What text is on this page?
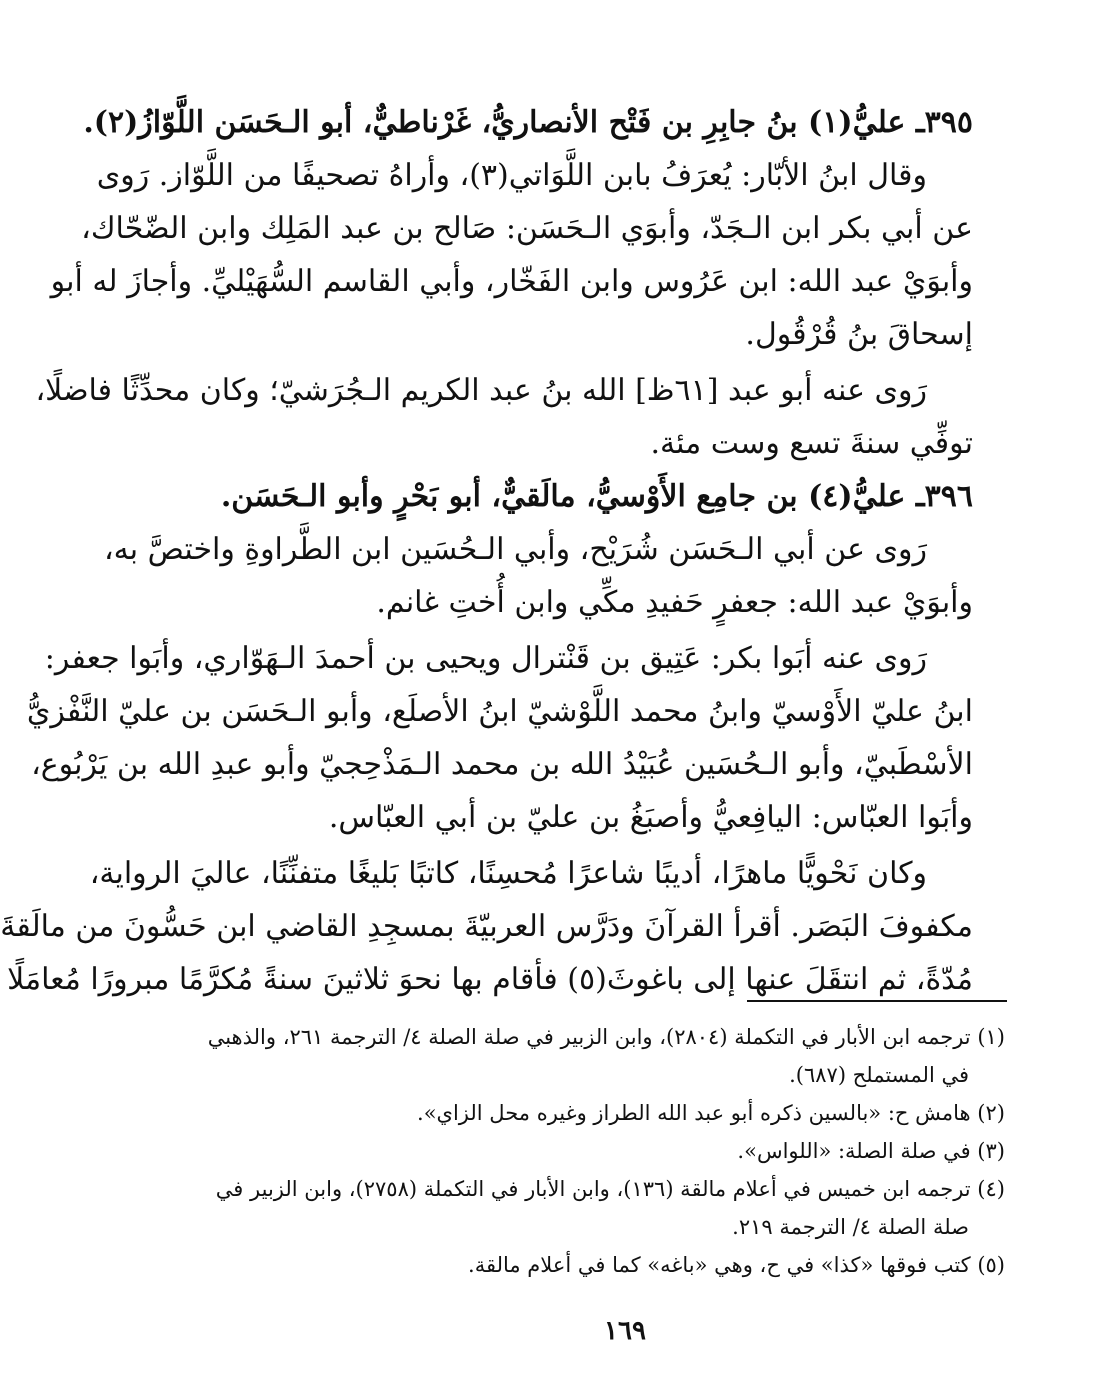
٣٩٥ـ عليُّ(١) بنُ جابِرِ بن فَتْح الأنصاريُّ، غَرْناطيٌّ، أبو الـحَسَن اللَّوّازُ(٢).
وقال ابنُ الأبّار: يُعرَفُ بابن اللَّوَاتي(٣)، وأراهُ تصحيفًا من اللَّوّاز. رَوى
عن أبي بكر ابن الـجَدّ، وأبوَي الـحَسَن: صَالح بن عبد المَلِك وابن الضّحّاك،
وأبوَيْ عبد الله: ابن عَرُوس وابن الفَخّار، وأبي القاسم السُّهَيْليِّ. وأجازَ له أبو
إسحاقَ بنُ قُرْقُول.
رَوى عنه أبو عبد [٦١ظ] الله بنُ عبد الكريم الـجُرَشيّ؛ وكان محدِّثًا فاضلًا،
توفِّي سنةَ تسع وست مئة.
٣٩٦ـ عليُّ(٤) بن جامِع الأَوْسيُّ، مالَقيٌّ، أبو بَحْرٍ وأبو الـحَسَن.
رَوى عن أبي الـحَسَن شُرَيْح، وأبي الـحُسَين ابن الطَّراوةِ واختصَّ به،
وأبوَيْ عبد الله: جعفرٍ حَفيدِ مكِّي وابن أُختِ غانم.
رَوى عنه أبَوا بكر: عَتِيق بن قَنْترال ويحيى بن أحمدَ الـهَوّاري، وأبَوا جعفر:
ابنُ عليّ الأَوْسيّ وابنُ محمد اللَّوْشيّ ابنُ الأصلَع، وأبو الـحَسَن بن عليّ النَّفْزيُّ
الأسْطَبيّ، وأبو الـحُسَين عُبَيْدُ الله بن محمد الـمَذْحِجيّ وأبو عبدِ الله بن يَرْبُوع،
وأبَوا العبّاس: اليافِعيُّ وأصبَغُ بن عليّ بن أبي العبّاس.
وكان نَحْويًّا ماهرًا، أديبًا شاعرًا مُحسِنًا، كاتبًا بَليغًا متفنِّنًا، عاليَ الرواية،
مكفوفَ البَصَر. أقرأ القرآنَ ودَرَّس العربيّةَ بمسجِدِ القاضي ابن حَسُّونَ من مالَقةَ
مُدّةً، ثم انتقَلَ عنها إلى باغوثَ(٥) فأقام بها نحوَ ثلاثينَ سنةً مُكرَّمًا مبرورًا مُعامَلًا
(١) ترجمه ابن الأبار في التكملة (٢٨٠٤)، وابن الزبير في صلة الصلة ٤/ الترجمة ٢٦١، والذهبي
في المستملح (٦٨٧).
(٢) هامش ح: «بالسين ذكره أبو عبد الله الطراز وغيره محل الزاي».
(٣) في صلة الصلة: «اللواس».
(٤) ترجمه ابن خميس في أعلام مالقة (١٣٦)، وابن الأبار في التكملة (٢٧٥٨)، وابن الزبير في
صلة الصلة ٤/ الترجمة ٢١٩.
(٥) كتب فوقها «كذا» في ح، وهي «باغه» كما في أعلام مالقة.
١٦٩
